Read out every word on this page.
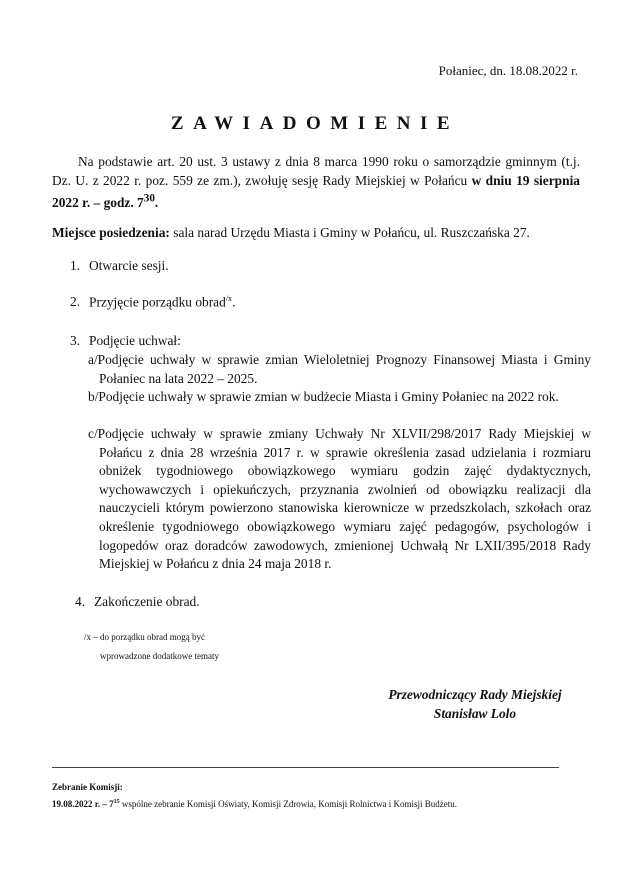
Połaniec, dn. 18.08.2022 r.
ZAWIADOMIENIE

Na podstawie art. 20 ust. 3 ustawy z dnia 8 marca 1990 roku o samorządzie gminnym (t.j. Dz. U. z 2022 r. poz. 559 ze zm.), zwołuję sesję Rady Miejskiej w Połańcu w dniu 19 sierpnia 2022 r. – godz. $7^{30}$.

Miejsce posiedzenia: sala narad Urzędu Miasta i Gminy w Połańcu, ul. Ruszczańska 27.

1. Otwarcie sesji.
2. Przyjęcie porządku obrad$^{/x}$.
3. Podjęcie uchwał:

a/Podjęcie uchwały w sprawie zmian Wieloletniej Prognozy Finansowej Miasta i Gminy Połaniec na lata 2022 – 2025.

b/Podjęcie uchwały w sprawie zmian w budżecie Miasta i Gminy Połaniec na 2022 rok.

c/Podjęcie uchwały w sprawie zmiany Uchwały Nr XLVII/298/2017 Rady Miejskiej w Połańcu z dnia 28 września 2017 r. w sprawie określenia zasad udzielania i rozmiaru obniżek tygodniowego obowiązkowego wymiaru godzin zajęć dydaktycznych, wychowawczych i opiekuńczych, przyznania zwolnień od obowiązku realizacji dla nauczycieli którym powierzono stanowiska kierownicze w przedszkolach, szkołach oraz określenie tygodniowego obowiązkowego wymiaru zajęć pedagogów, psychologów i logopedów oraz doradców zawodowych, zmienionej Uchwałą Nr LXII/395/2018 Rady Miejskiej w Połańcu z dnia 24 maja 2018 r.

4. Zakończenie obrad.

/x – do porządku obrad mogą być

wprowadzone dodatkowe tematy

Przewodniczący Rady Miejskiej
Stanisław Lolo

Zebranie Komisji:

19.08.2022 r. – $7^{15}$ wspólne zebranie Komisji Oświaty, Komisji Zdrowia, Komisji Rolnictwa i Komisji Budżetu.
